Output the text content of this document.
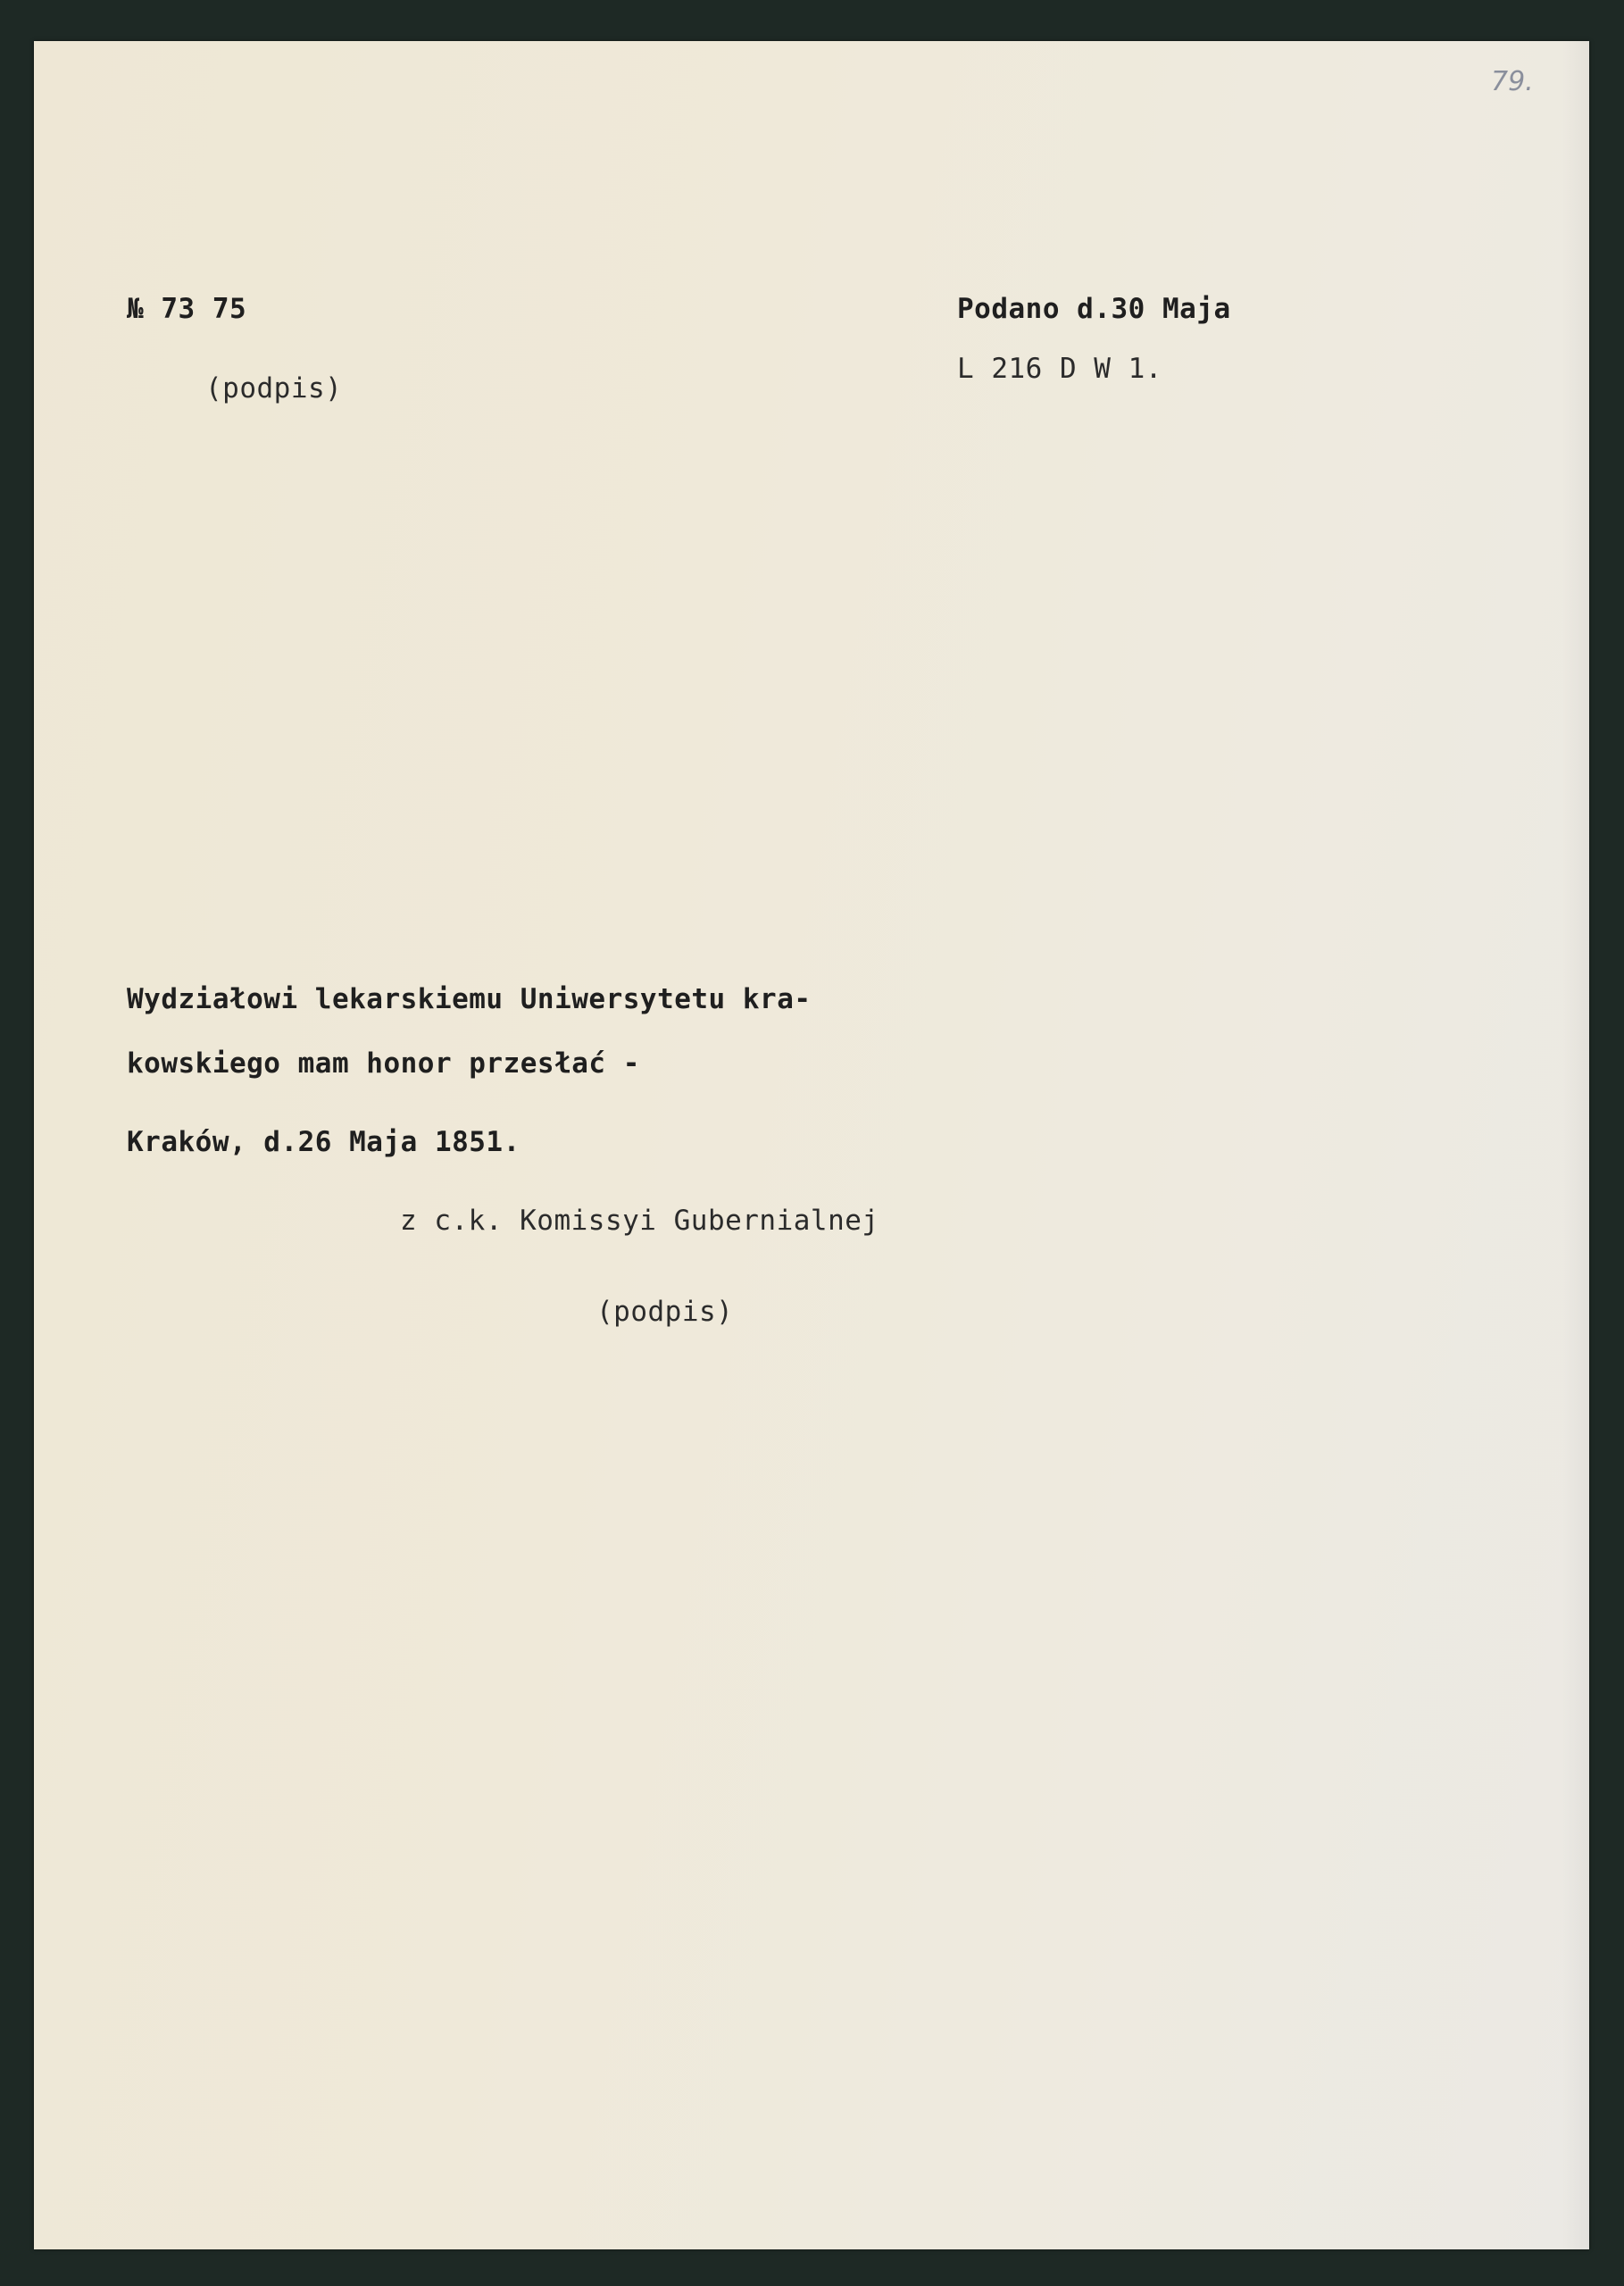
79.
№ 73 75
(podpis)
Podano d.30 Maja
L 216 D W 1.
Wydziałowi lekarskiemu Uniwersytetu kra-
kowskiego mam honor przesłać -
Kraków, d.26 Maja 1851.
z c.k. Komissyi Gubernialnej
(podpis)
